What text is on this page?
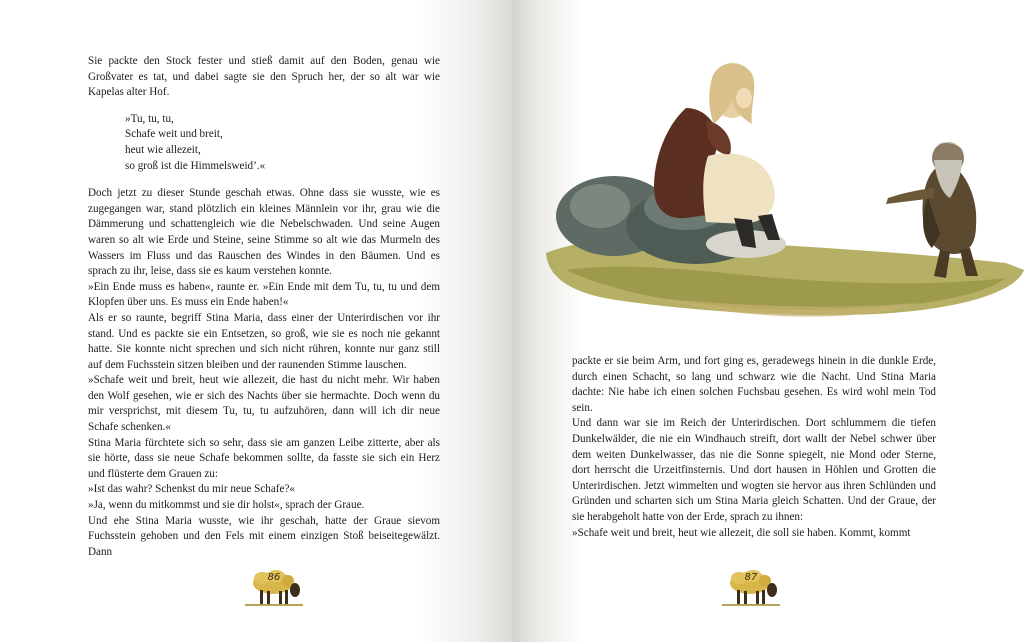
Sie packte den Stock fester und stieß damit auf den Boden, genau wie Großvater es tat, und dabei sagte sie den Spruch her, der so alt war wie Kapelas alter Hof.

»Tu, tu, tu,
Schafe weit und breit,
heut wie allezeit,
so groß ist die Himmelsweid’.«

Doch jetzt zu dieser Stunde geschah etwas. Ohne dass sie wusste, wie es zugegangen war, stand plötzlich ein kleines Männlein vor ihr, grau wie die Dämmerung und schattengleich wie die Nebelschwaden. Und seine Augen waren so alt wie Erde und Steine, seine Stimme so alt wie das Murmeln des Wassers im Fluss und das Rauschen des Windes in den Bäumen. Und es sprach zu ihr, leise, dass sie es kaum verstehen konnte.

»Ein Ende muss es haben«, raunte er. »Ein Ende mit dem Tu, tu, tu und dem Klopfen über uns. Es muss ein Ende haben!«

Als er so raunte, begriff Stina Maria, dass einer der Unterirdischen vor ihr stand. Und es packte sie ein Entsetzen, so groß, wie sie es noch nie gekannt hatte. Sie konnte nicht sprechen und sich nicht rühren, konnte nur ganz still auf dem Fuchsstein sitzen bleiben und der raunenden Stimme lauschen.

»Schafe weit und breit, heut wie allezeit, die hast du nicht mehr. Wir haben den Wolf gesehen, wie er sich des Nachts über sie hermachte. Doch wenn du mir versprichst, mit diesem Tu, tu, tu aufzuhören, dann will ich dir neue Schafe schenken.«

Stina Maria fürchtete sich so sehr, dass sie am ganzen Leibe zitterte, aber als sie hörte, dass sie neue Schafe bekommen sollte, da fasste sie sich ein Herz und flüsterte dem Grauen zu:

»Ist das wahr? Schenkst du mir neue Schafe?«

»Ja, wenn du mitkommst und sie dir holst«, sprach der Graue.

Und ehe Stina Maria wusste, wie ihr geschah, hatte der Graue sievom Fuchsstein gehoben und den Fels mit einem einzigen Stoß beiseitegewälzt. Dann

86	87

packte er sie beim Arm, und fort ging es, geradewegs hinein in die dunkle Erde, durch einen Schacht, so lang und schwarz wie die Nacht. Und Stina Maria dachte: Nie habe ich einen solchen Fuchsbau gesehen. Es wird wohl mein Tod sein.

Und dann war sie im Reich der Unterirdischen. Dort schlummern die tiefen Dunkelwälder, die nie ein Windhauch streift, dort wallt der Nebel schwer über dem weiten Dunkelwasser, das nie die Sonne spiegelt, nie Mond oder Sterne, dort herrscht die Urzeitfinsternis. Und dort hausen in Höhlen und Grotten die Unterirdischen. Jetzt wimmelten und wogten sie hervor aus ihren Schlünden und Gründen und scharten sich um Stina Maria gleich Schatten. Und der Graue, der sie herabgeholt hatte von der Erde, sprach zu ihnen:

»Schafe weit und breit, heut wie allezeit, die soll sie haben. Kommt, kommt
